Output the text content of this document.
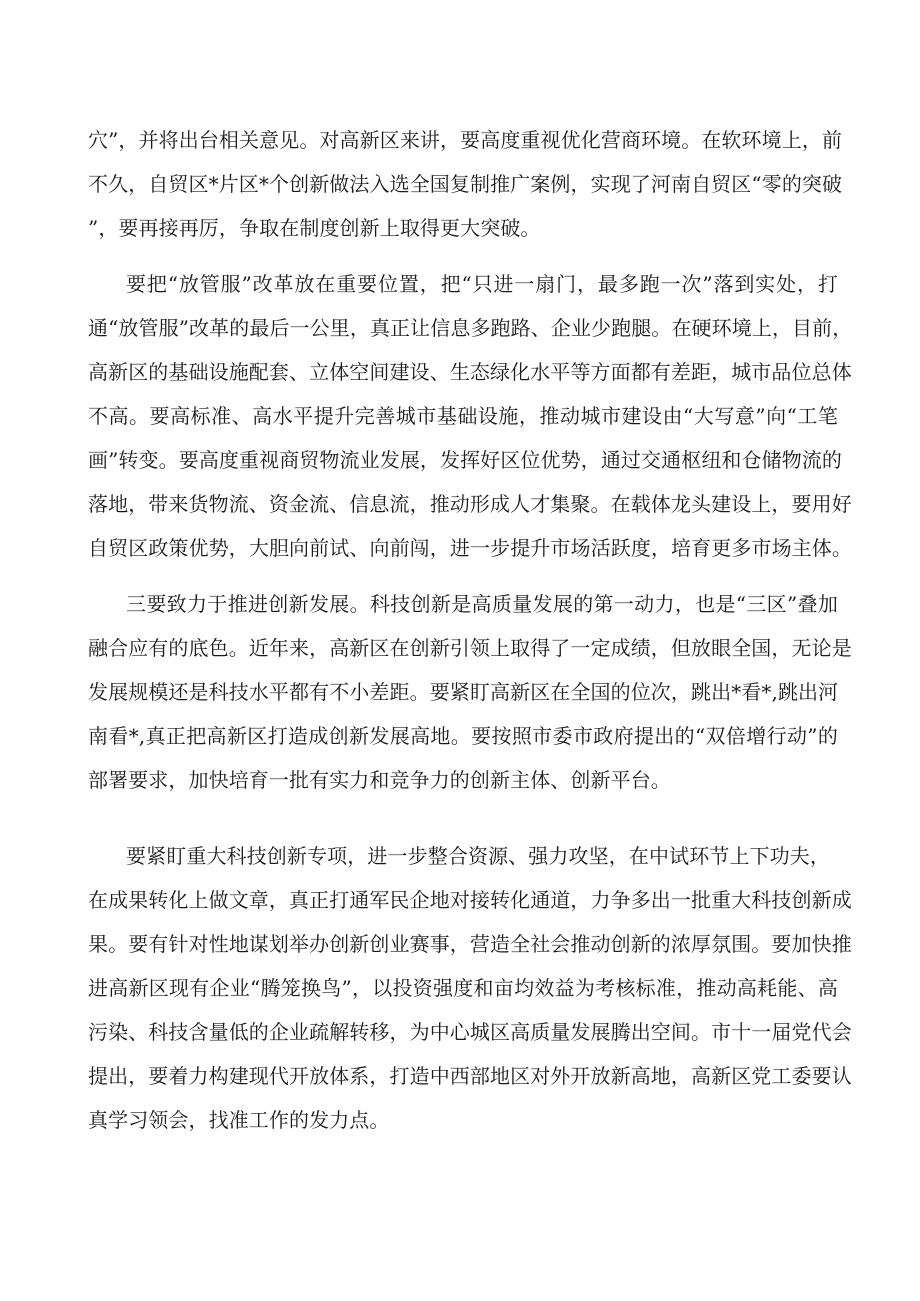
穴”，并将出台相关意见。对高新区来讲，要高度重视优化营商环境。在软环境上，前
不久，自贸区*片区*个创新做法入选全国复制推广案例，实现了河南自贸区“零的突破
”，要再接再厉，争取在制度创新上取得更大突破。
要把“放管服”改革放在重要位置，把“只进一扇门，最多跑一次”落到实处，打
通“放管服”改革的最后一公里，真正让信息多跑路、企业少跑腿。在硬环境上，目前，
高新区的基础设施配套、立体空间建设、生态绿化水平等方面都有差距，城市品位总体
不高。要高标准、高水平提升完善城市基础设施，推动城市建设由“大写意”向“工笔
画”转变。要高度重视商贸物流业发展，发挥好区位优势，通过交通枢纽和仓储物流的
落地，带来货物流、资金流、信息流，推动形成人才集聚。在载体龙头建设上，要用好
自贸区政策优势，大胆向前试、向前闯，进一步提升市场活跃度，培育更多市场主体。
三要致力于推进创新发展。科技创新是高质量发展的第一动力，也是“三区”叠加
融合应有的底色。近年来，高新区在创新引领上取得了一定成绩，但放眼全国，无论是
发展规模还是科技水平都有不小差距。要紧盯高新区在全国的位次，跳出*看*,跳出河
南看*,真正把高新区打造成创新发展高地。要按照市委市政府提出的“双倍增行动”的
部署要求，加快培育一批有实力和竞争力的创新主体、创新平台。
要紧盯重大科技创新专项，进一步整合资源、强力攻坚，在中试环节上下功夫，
在成果转化上做文章，真正打通军民企地对接转化通道，力争多出一批重大科技创新成
果。要有针对性地谋划举办创新创业赛事，营造全社会推动创新的浓厚氛围。要加快推
进高新区现有企业“腾笼换鸟”，以投资强度和亩均效益为考核标准，推动高耗能、高
污染、科技含量低的企业疏解转移，为中心城区高质量发展腾出空间。市十一届党代会
提出，要着力构建现代开放体系，打造中西部地区对外开放新高地，高新区党工委要认
真学习领会，找准工作的发力点。
